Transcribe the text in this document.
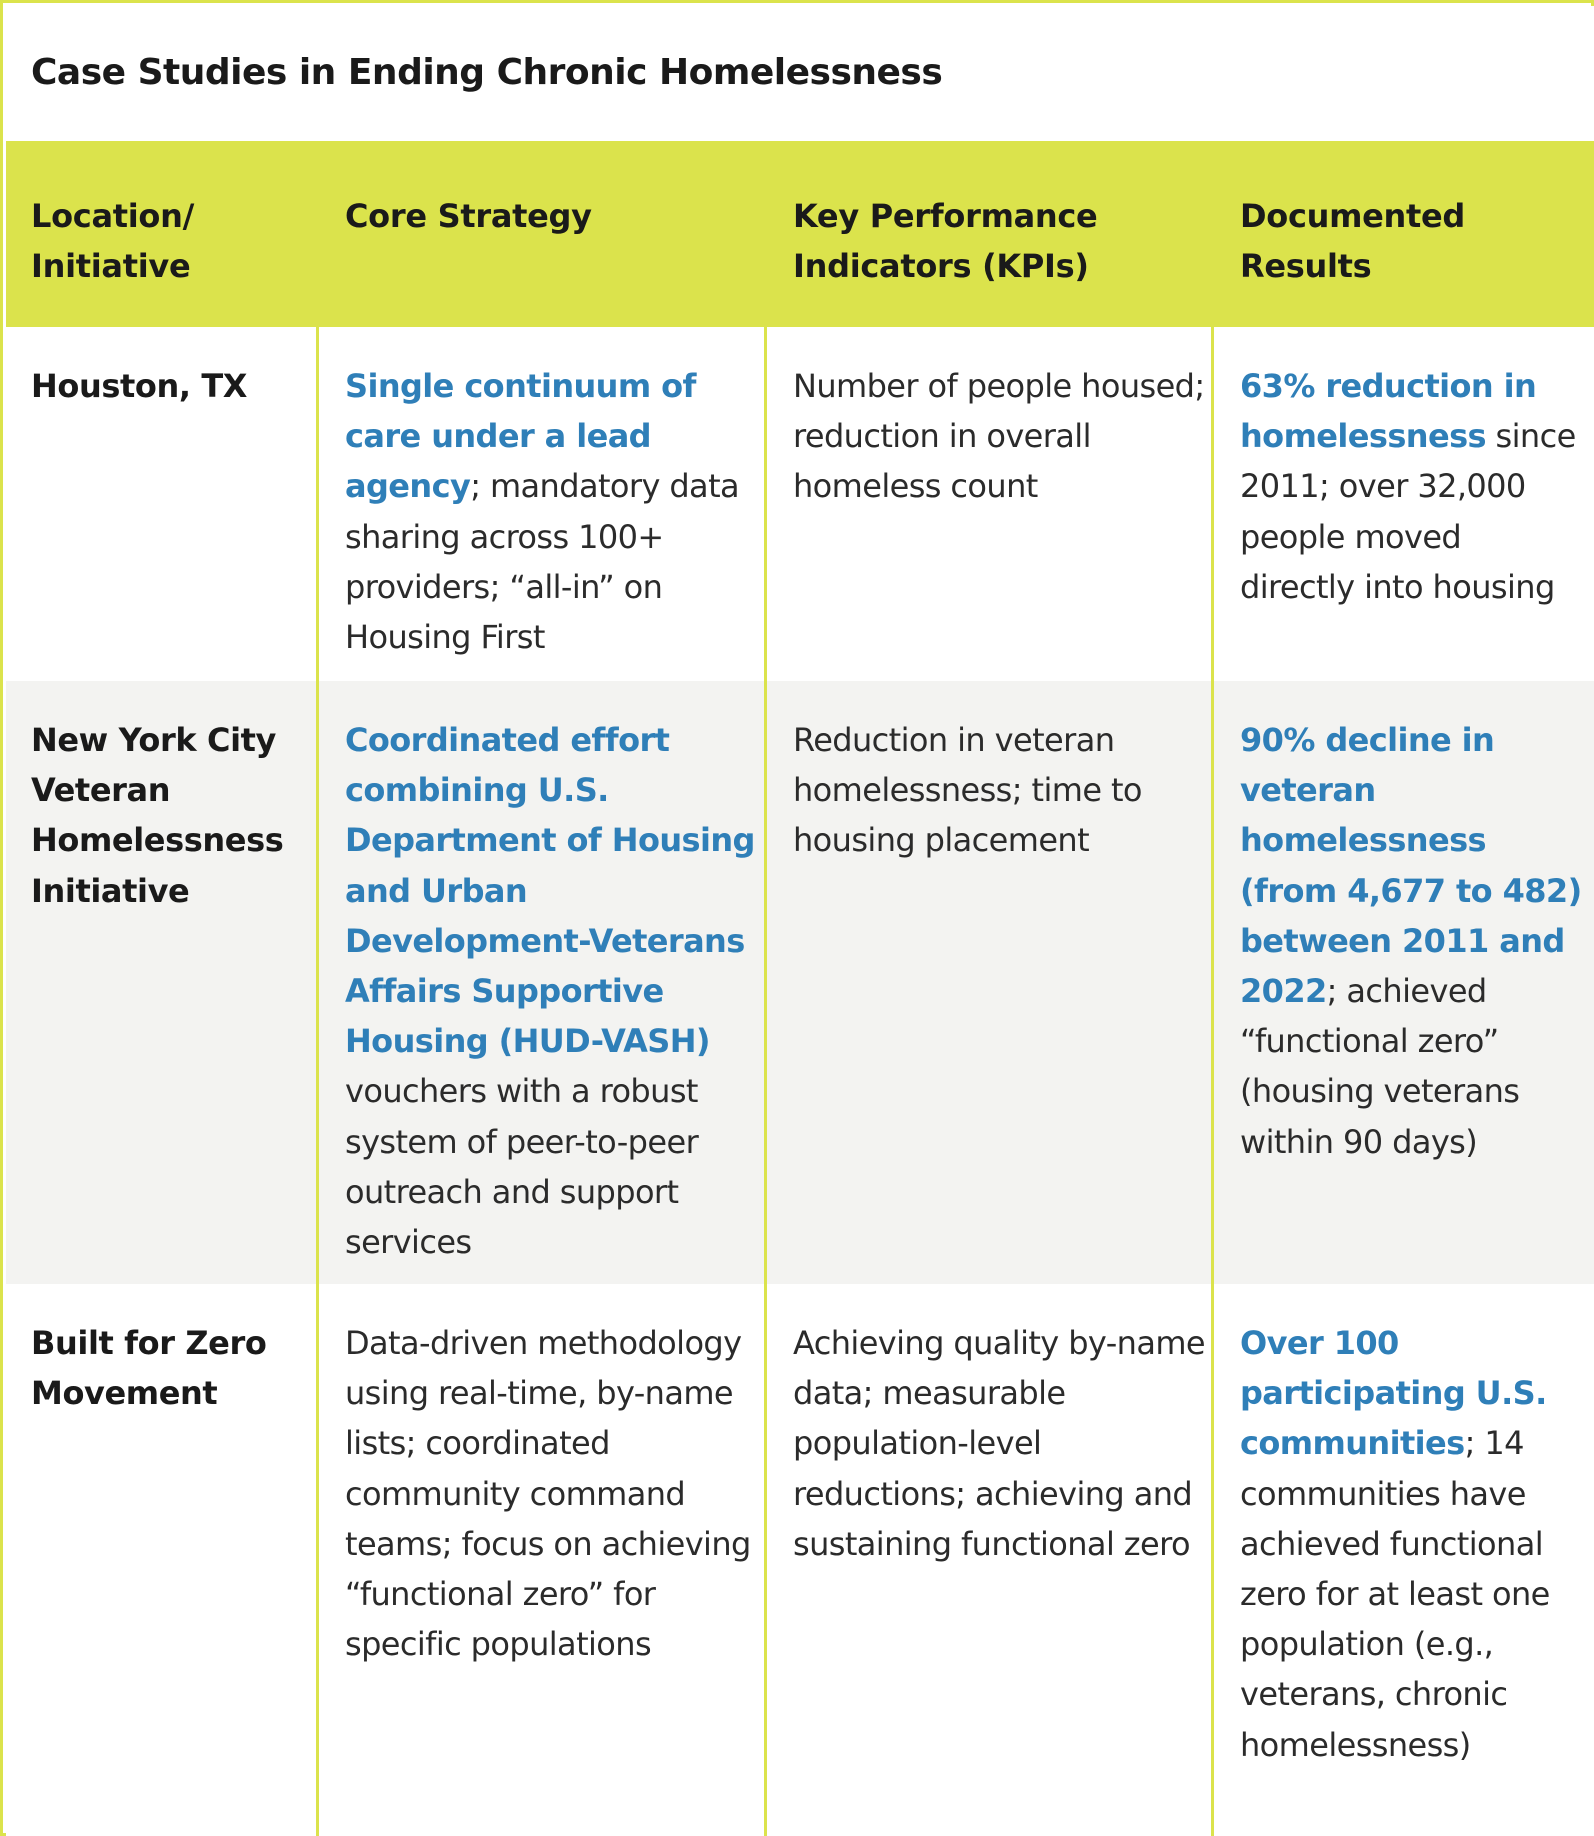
Case Studies in Ending Chronic Homelessness
Location/
Initiative
Core Strategy	Key Performance
Indicators (KPIs)
Documented
Results
Houston, TX	Single continuum of care under a lead agency; mandatory data sharing across 100+ providers; “all-in” on Housing First
Number of people housed; reduction in overall homeless count
63% reduction in homelessness since 2011; over 32,000 people moved directly into housing
New York City Veteran Homelessness Initiative
Coordinated effort combining U.S. Department of Housing and Urban Development-Veterans Affairs Supportive Housing (HUD-VASH) vouchers with a robust system of peer-to-peer outreach and support services
Reduction in veteran homelessness; time to housing placement
90% decline in veteran homelessness (from 4,677 to 482) between 2011 and 2022; achieved “functional zero” (housing veterans within 90 days)
Built for Zero Movement
Data-driven methodology using real-time, by-name lists; coordinated community command teams; focus on achieving “functional zero” for specific populations
Achieving quality by-name data; measurable population-level reductions; achieving and sustaining functional zero
Over 100 participating U.S. communities; 14 communities have achieved functional zero for at least one population (e.g., veterans, chronic homelessness)
